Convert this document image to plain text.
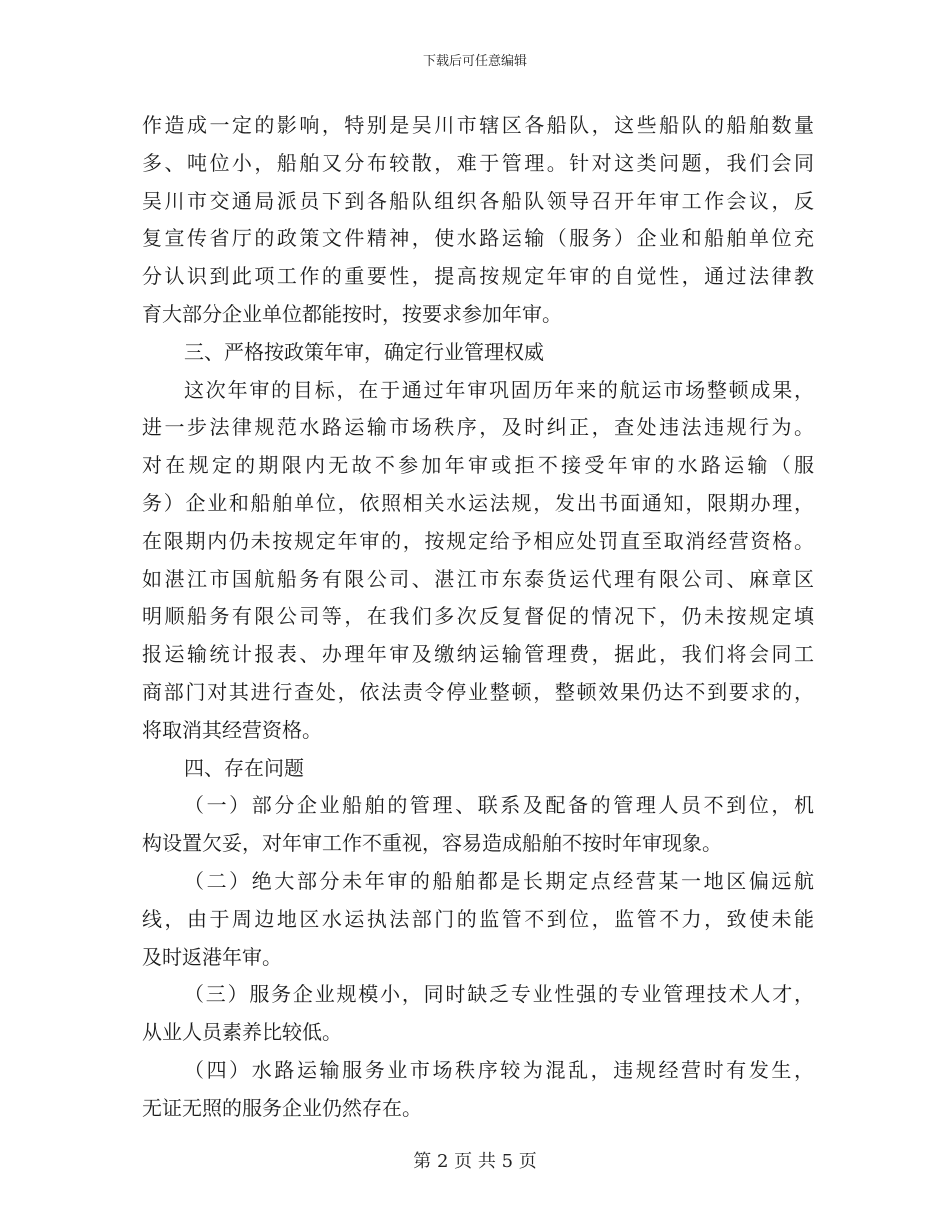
下载后可任意编辑
作造成一定的影响，特别是吴川市辖区各船队，这些船队的船舶数量
多、吨位小，船舶又分布较散，难于管理。针对这类问题，我们会同
吴川市交通局派员下到各船队组织各船队领导召开年审工作会议，反
复宣传省厅的政策文件精神，使水路运输（服务）企业和船舶单位充
分认识到此项工作的重要性，提高按规定年审的自觉性，通过法律教
育大部分企业单位都能按时，按要求参加年审。
三、严格按政策年审，确定行业管理权威
这次年审的目标，在于通过年审巩固历年来的航运市场整顿成果，
进一步法律规范水路运输市场秩序，及时纠正，查处违法违规行为。
对在规定的期限内无故不参加年审或拒不接受年审的水路运输（服
务）企业和船舶单位，依照相关水运法规，发出书面通知，限期办理，
在限期内仍未按规定年审的，按规定给予相应处罚直至取消经营资格。
如湛江市国航船务有限公司、湛江市东泰货运代理有限公司、麻章区
明顺船务有限公司等，在我们多次反复督促的情况下，仍未按规定填
报运输统计报表、办理年审及缴纳运输管理费，据此，我们将会同工
商部门对其进行查处，依法责令停业整顿，整顿效果仍达不到要求的，
将取消其经营资格。
四、存在问题
（一）部分企业船舶的管理、联系及配备的管理人员不到位，机
构设置欠妥，对年审工作不重视，容易造成船舶不按时年审现象。
（二）绝大部分未年审的船舶都是长期定点经营某一地区偏远航
线，由于周边地区水运执法部门的监管不到位，监管不力，致使未能
及时返港年审。
（三）服务企业规模小，同时缺乏专业性强的专业管理技术人才，
从业人员素养比较低。
（四）水路运输服务业市场秩序较为混乱，违规经营时有发生，
无证无照的服务企业仍然存在。
第 2 页 共 5 页
